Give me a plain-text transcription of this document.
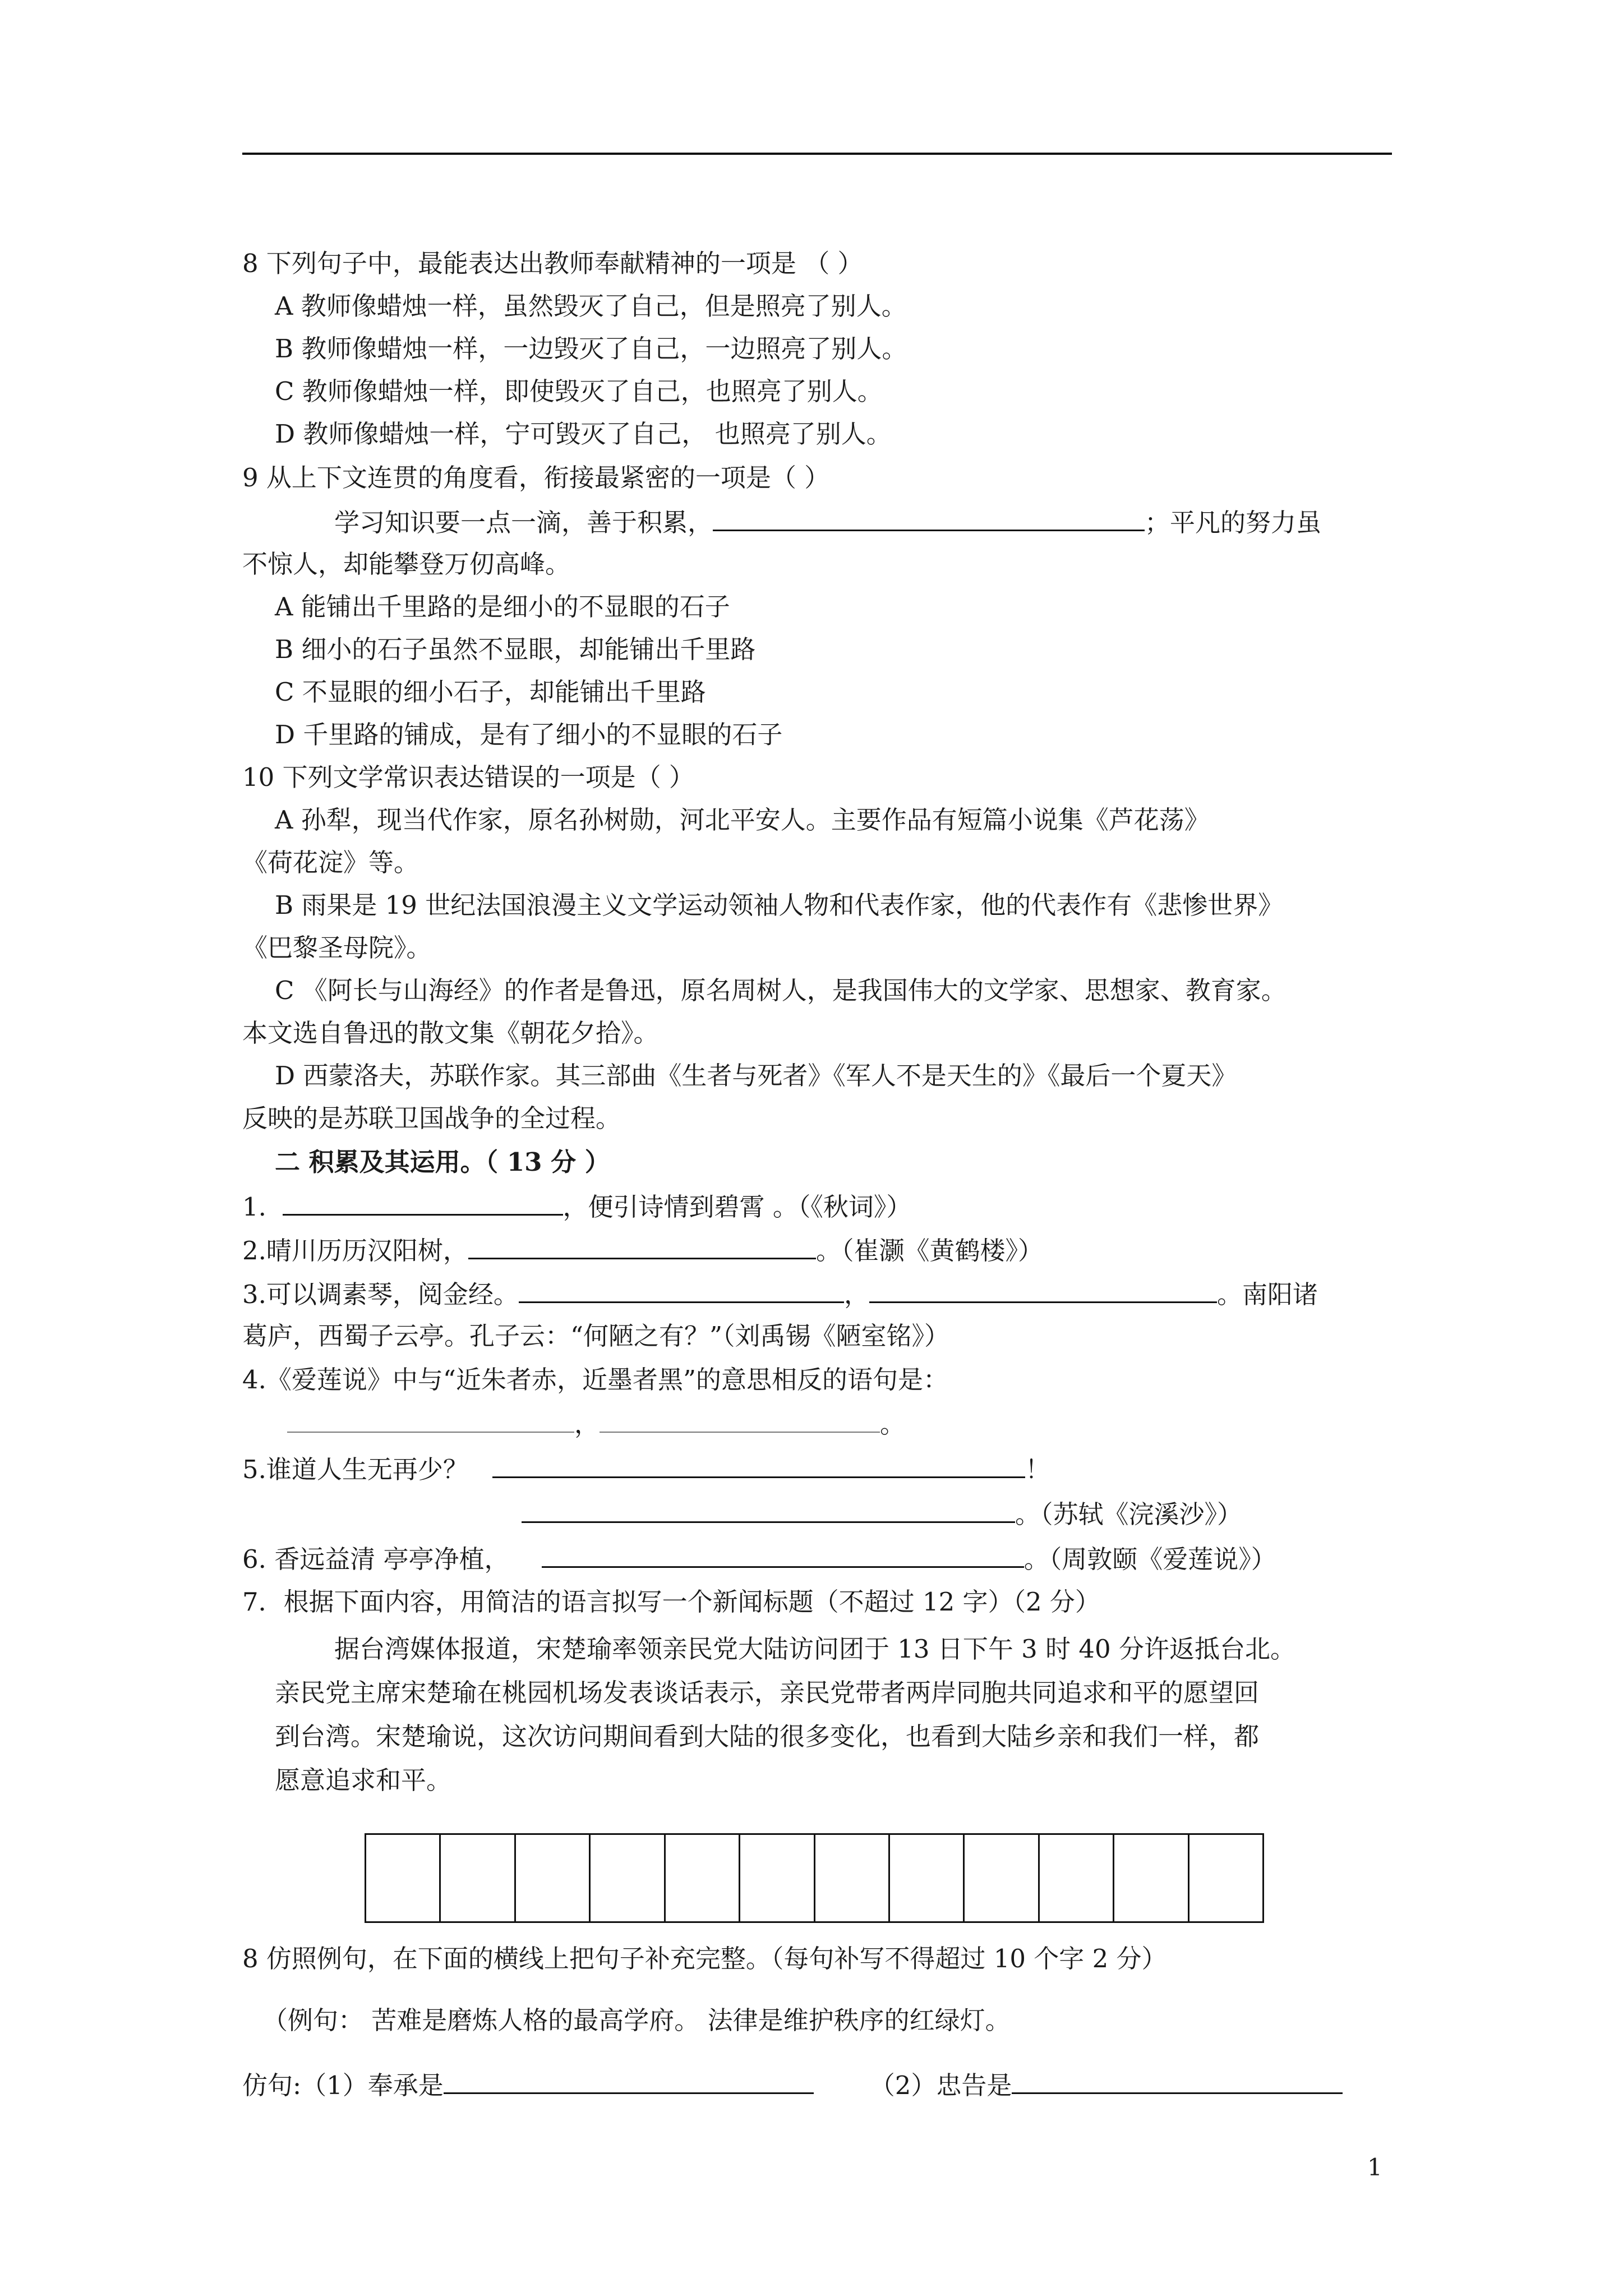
8 下列句子中，最能表达出教师奉献精神的一项是 （ ）
A 教师像蜡烛一样，虽然毁灭了自己，但是照亮了别人。
B 教师像蜡烛一样，一边毁灭了自己，一边照亮了别人。
C 教师像蜡烛一样，即使毁灭了自己，也照亮了别人。
D 教师像蜡烛一样，宁可毁灭了自己， 也照亮了别人。
9 从上下文连贯的角度看，衔接最紧密的一项是（ ）
学习知识要一点一滴，善于积累，	；平凡的努力虽
不惊人，却能攀登万仞高峰。
A 能铺出千里路的是细小的不显眼的石子
B 细小的石子虽然不显眼，却能铺出千里路
C 不显眼的细小石子，却能铺出千里路
D 千里路的铺成，是有了细小的不显眼的石子
10 下列文学常识表达错误的一项是（ ）
A 孙犁，现当代作家，原名孙树勋，河北平安人。主要作品有短篇小说集《芦花荡》
《荷花淀》等。
B 雨果是 19 世纪法国浪漫主义文学运动领袖人物和代表作家，他的代表作有《悲惨世界》
《巴黎圣母院》。
C 《阿长与山海经》的作者是鲁迅，原名周树人，是我国伟大的文学家、思想家、教育家。
本文选自鲁迅的散文集《朝花夕拾》。
D 西蒙洛夫，苏联作家。其三部曲《生者与死者》《军人不是天生的》《最后一个夏天》
反映的是苏联卫国战争的全过程。
二 积累及其运用。（ 13 分 ）
1.	，便引诗情到碧霄 。（《秋词》）
2.晴川历历汉阳树，	。（崔灏《黄鹤楼》）
3.可以调素琴，阅金经。	，	。南阳诸
葛庐，西蜀子云亭。孔子云：“何陋之有？”（刘禹锡《陋室铭》）
4.《爱莲说》中与“近朱者赤，近墨者黑”的意思相反的语句是：
，	。
5.谁道人生无再少？	！
。（苏轼《浣溪沙》）
6. 香远益清 亭亭净植，	。（周敦颐《爱莲说》）
7．根据下面内容，用简洁的语言拟写一个新闻标题（不超过 12 字）（2 分）
据台湾媒体报道，宋楚瑜率领亲民党大陆访问团于 13 日下午 3 时 40 分许返抵台北。
亲民党主席宋楚瑜在桃园机场发表谈话表示，亲民党带者两岸同胞共同追求和平的愿望回
到台湾。宋楚瑜说，这次访问期间看到大陆的很多变化，也看到大陆乡亲和我们一样，都
愿意追求和平。
8 仿照例句，在下面的横线上把句子补充完整。（每句补写不得超过 10 个字 2 分）
（例句： 苦难是磨炼人格的最高学府。 法律是维护秩序的红绿灯。
仿句:（1）奉承是	（2）忠告是
1
